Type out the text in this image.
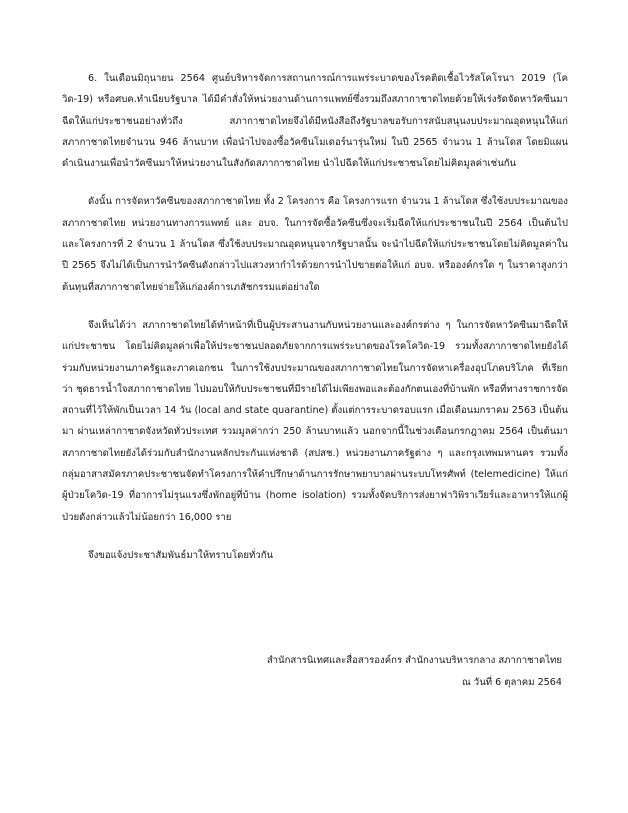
6. ในเดือนมิถุนายน 2564 ศูนย์บริหารจัดการสถานการณ์การแพร่ระบาดของโรคติดเชื้อไวรัสโคโรนา 2019 (โควิด-19) หรือศบค.ทำเนียบรัฐบาล ได้มีคำสั่งให้หน่วยงานด้านการแพทย์ซึ่งรวมถึงสภากาชาดไทยด้วยให้เร่งรัดจัดหาวัคซีนมาฉีดให้แก่ประชาชนอย่างทั่วถึง สภากาชาดไทยจึงได้มีหนังสือถึงรัฐบาลขอรับการสนับสนุนงบประมาณอุดหนุนให้แก่สภากาชาดไทยจำนวน 946 ล้านบาท เพื่อนำไปจองซื้อวัคซีนโมเดอร์นารุ่นใหม่ ในปี 2565 จำนวน 1 ล้านโดส โดยมิแผนดำเนินงานเพื่อนำวัคซีนมาให้หน่วยงานในสังกัดสภากาชาดไทย นำไปฉีดให้แก่ประชาชนโดยไม่คิดมูลค่าเช่นกัน

ดังนั้น การจัดหาวัคซีนของสภากาชาดไทย ทั้ง 2 โครงการ คือ โครงการแรก จำนวน 1 ล้านโดส ซึ่งใช้งบประมาณของสภากาชาดไทย หน่วยงานทางการแพทย์ และ อบจ. ในการจัดซื้อวัคซีนซึ่งจะเริ่มฉีดให้แก่ประชาชนในปี 2564 เป็นต้นไป และโครงการที่ 2 จำนวน 1 ล้านโดส ซึ่งใช้งบประมาณอุดหนุนจากรัฐบาลนั้น จะนำไปฉีดให้แก่ประชาชนโดยไม่คิดมูลค่าในปี 2565 จึงไม่ได้เป็นการนำวัคซีนดังกล่าวไปแสวงหากำไรด้วยการนำไปขายต่อให้แก่ อบจ. หรือองค์กรใด ๆ ในราคาสูงกว่าต้นทุนที่สภากาชาดไทยจ่ายให้แก่องค์การเภสัชกรรมแต่อย่างใด

จึงเห็นได้ว่า สภากาชาดไทยได้ทำหน้าที่เป็นผู้ประสานงานกับหน่วยงานและองค์กรต่าง ๆ ในการจัดหาวัคซีนมาฉีดให้แก่ประชาชน โดยไม่คิดมูลค่าเพื่อให้ประชาชนปลอดภัยจากการแพร่ระบาดของโรคโควิด-19 รวมทั้งสภากาชาดไทยยังได้ร่วมกับหน่วยงานภาครัฐและภาคเอกชน ในการใช้งบประมาณของสภากาชาดไทยในการจัดหาเครื่องอุปโภคบริโภค ที่เรียกว่า ชุดธารน้ำใจสภากาชาดไทย ไปมอบให้กับประชาชนที่มีรายได้ไม่เพียงพอและต้องกักตนเองที่บ้านพัก หรือที่ทางราชการจัดสถานที่ไว้ให้พักเป็นเวลา 14 วัน (local and state quarantine) ตั้งแต่การระบาดรอบแรก เมื่อเดือนมกราคม 2563 เป็นต้นมา ผ่านเหล่ากาชาดจังหวัดทั่วประเทศ รวมมูลค่ากว่า 250 ล้านบาทแล้ว นอกจากนี้ในช่วงเดือนกรกฎาคม 2564 เป็นต้นมา สภากาชาดไทยยังได้ร่วมกับสำนักงานหลักประกันแห่งชาติ (สปสช.) หน่วยงานภาครัฐต่าง ๆ และกรุงเทพมหานคร รวมทั้งกลุ่มอาสาสมัครภาคประชาชนจัดทำโครงการให้คำปรึกษาด้านการรักษาพยาบาลผ่านระบบโทรศัพท์ (telemedicine) ให้แก่ผู้ป่วยโควิด-19 ที่อาการไม่รุนแรงซึ่งพักอยู่ที่บ้าน (home isolation) รวมทั้งจัดบริการส่งยาฟาวิพิราเวียร์และอาหารให้แก่ผู้ป่วยดังกล่าวแล้วไม่น้อยกว่า 16,000 ราย

จึงขอแจ้งประชาสัมพันธ์มาให้ทราบโดยทั่วกัน

สำนักสารนิเทศและสื่อสารองค์กร สำนักงานบริหารกลาง สภากาชาดไทย
ณ วันที่ 6 ตุลาคม 2564
